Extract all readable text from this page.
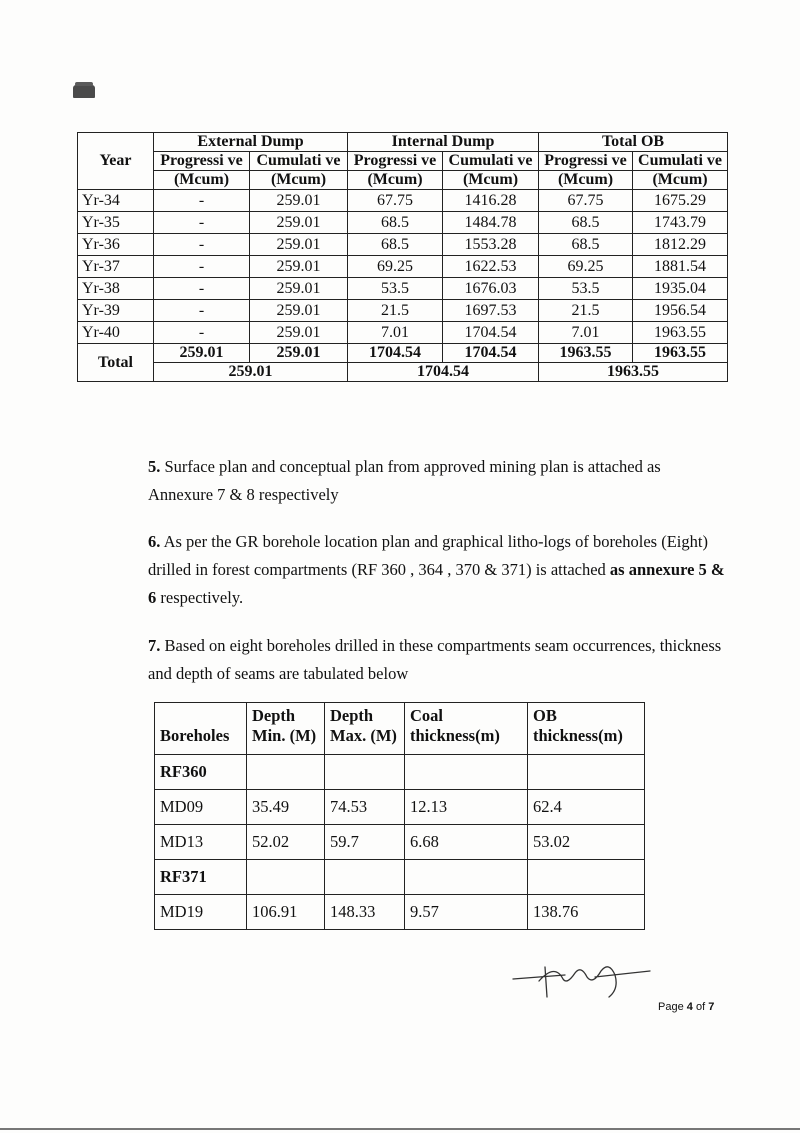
Year	External Dump		Internal Dump		Total OB	
	Progressi ve	Cumulati ve	Progressi ve	Cumulati ve	Progressi ve	Cumulati ve
	(Mcum)	(Mcum)	(Mcum)	(Mcum)	(Mcum)	(Mcum)
Yr-34	-	259.01	67.75	1416.28	67.75	1675.29
Yr-35	-	259.01	68.5	1484.78	68.5	1743.79
Yr-36	-	259.01	68.5	1553.28	68.5	1812.29
Yr-37	-	259.01	69.25	1622.53	69.25	1881.54
Yr-38	-	259.01	53.5	1676.03	53.5	1935.04
Yr-39	-	259.01	21.5	1697.53	21.5	1956.54
Yr-40	-	259.01	7.01	1704.54	7.01	1963.55
Total	259.01	259.01	1704.54	1704.54	1963.55	1963.55
	259.01		1704.54		1963.55	

5. Surface plan and conceptual plan from approved mining plan is attached as Annexure 7 & 8 respectively

6. As per the GR borehole location plan and graphical litho-logs of boreholes (Eight) drilled in forest compartments (RF 360 , 364 , 370 & 371) is attached as annexure 5 & 6 respectively.

7. Based on eight boreholes drilled in these compartments seam occurrences, thickness and depth of seams are tabulated below

Boreholes	Depth Min. (M)	Depth Max. (M)	Coal thickness(m)	OB thickness(m)
RF360				
MD09	35.49	74.53	12.13	62.4
MD13	52.02	59.7	6.68	53.02
RF371				
MD19	106.91	148.33	9.57	138.76
Page 4 of 7
